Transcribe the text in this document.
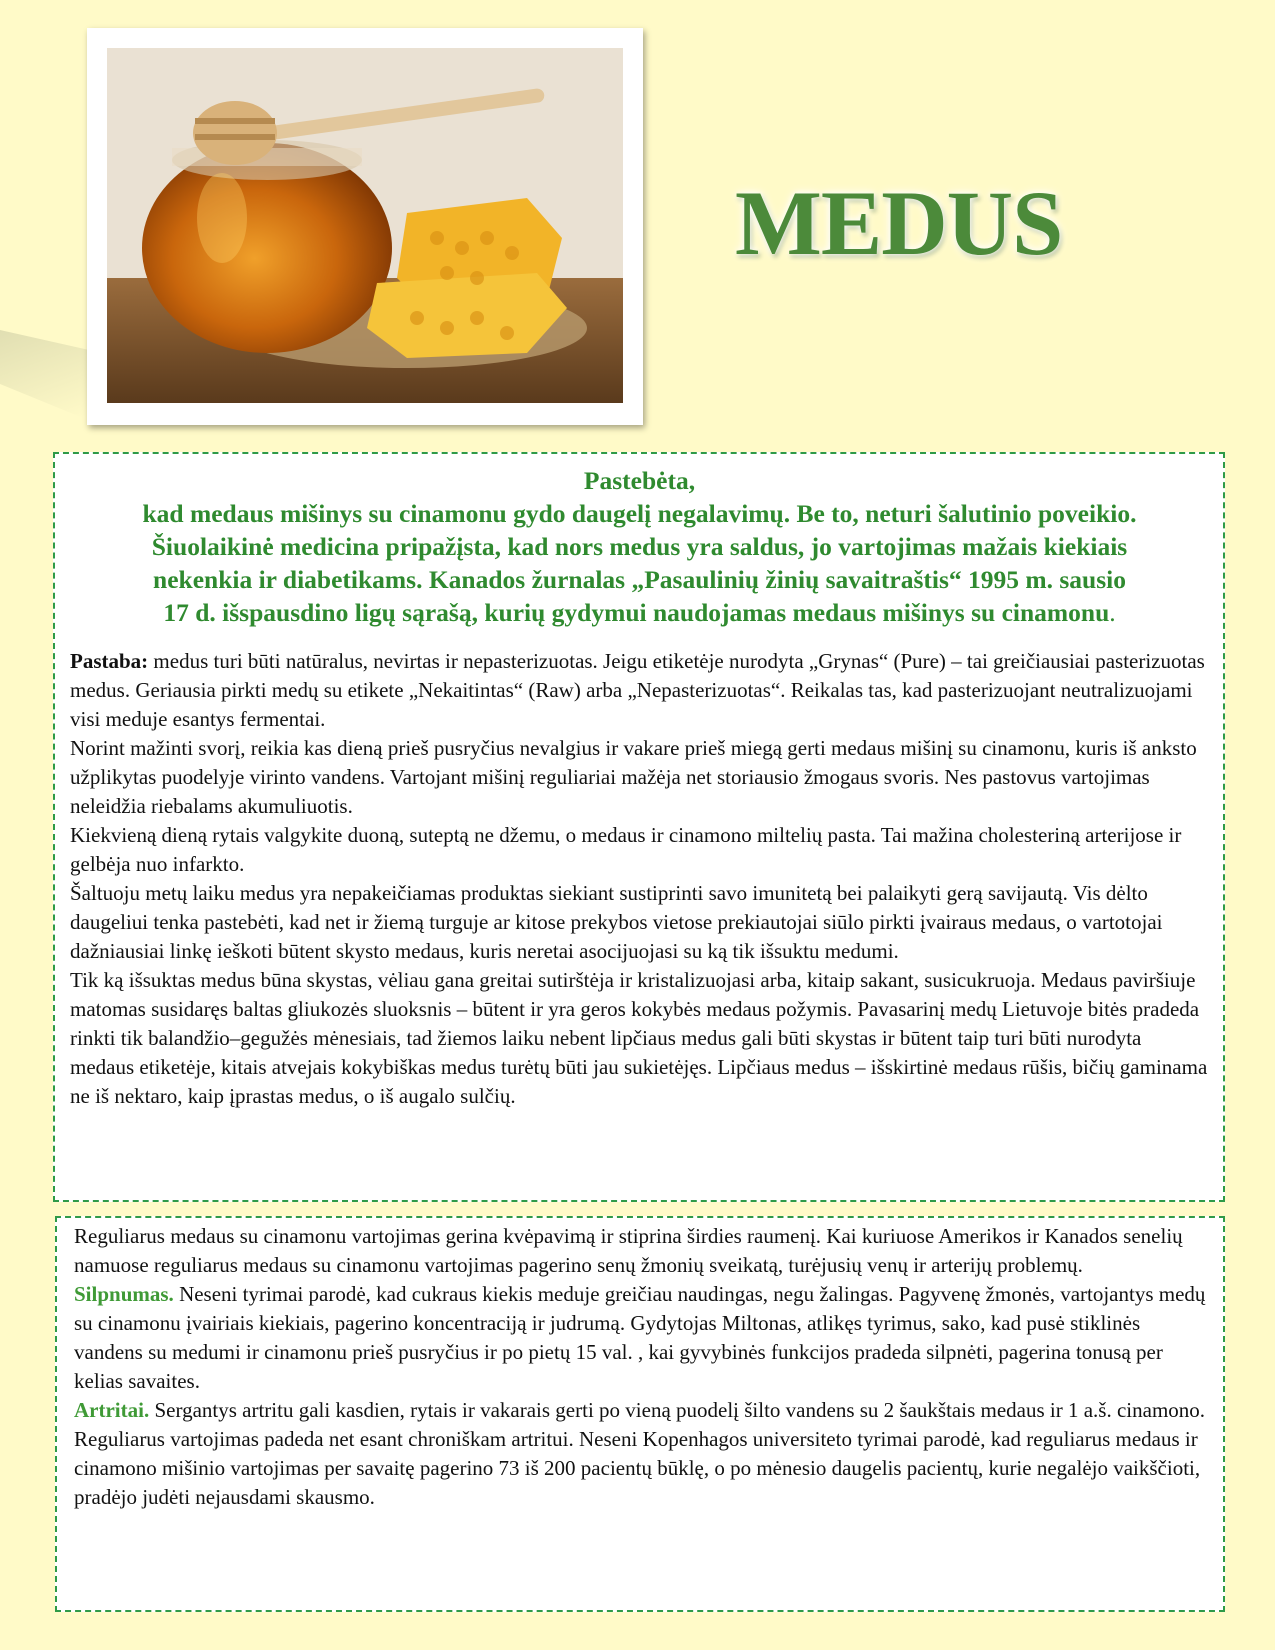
MEDUS
Pastebėta,
kad medaus mišinys su cinamonu gydo daugelį negalavimų. Be to, neturi šalutinio poveikio.
Šiuolaikinė medicina pripažįsta, kad nors medus yra saldus, jo vartojimas mažais kiekiais
nekenkia ir diabetikams. Kanados žurnalas „Pasaulinių žinių savaitraštis“ 1995 m. sausio
17 d. išspausdino ligų sąrašą, kurių gydymui naudojamas medaus mišinys su cinamonu.

Pastaba: medus turi būti natūralus, nevirtas ir nepasterizuotas. Jeigu etiketėje nurodyta „Grynas“ (Pure) – tai greičiausiai pasterizuotas medus. Geriausia pirkti medų su etikete „Nekaitintas“ (Raw) arba „Nepasterizuotas“. Reikalas tas, kad pasterizuojant neutralizuojami visi meduje esantys fermentai.

Norint mažinti svorį, reikia kas dieną prieš pusryčius nevalgius ir vakare prieš miegą gerti medaus mišinį su cinamonu, kuris iš anksto užplikytas puodelyje virinto vandens. Vartojant mišinį reguliariai mažėja net storiausio žmogaus svoris. Nes pastovus vartojimas neleidžia riebalams akumuliuotis.

Kiekvieną dieną rytais valgykite duoną, suteptą ne džemu, o medaus ir cinamono miltelių pasta. Tai mažina cholesteriną arterijose ir gelbėja nuo infarkto.

Šaltuoju metų laiku medus yra nepakeičiamas produktas siekiant sustiprinti savo imunitetą bei palaikyti gerą savijautą. Vis dėlto daugeliui tenka pastebėti, kad net ir žiemą turguje ar kitose prekybos vietose prekiautojai siūlo pirkti įvairaus medaus, o vartotojai dažniausiai linkę ieškoti būtent skysto medaus, kuris neretai asocijuojasi su ką tik išsuktu medumi.

Tik ką išsuktas medus būna skystas, vėliau gana greitai sutirštėja ir kristalizuojasi arba, kitaip sakant, susicukruoja. Medaus paviršiuje matomas susidaręs baltas gliukozės sluoksnis – būtent ir yra geros kokybės medaus požymis. Pavasarinį medų Lietuvoje bitės pradeda rinkti tik balandžio–gegužės mėnesiais, tad žiemos laiku nebent lipčiaus medus gali būti skystas ir būtent taip turi būti nurodyta medaus etiketėje, kitais atvejais kokybiškas medus turėtų būti jau sukietėjęs. Lipčiaus medus – išskirtinė medaus rūšis, bičių gaminama ne iš nektaro, kaip įprastas medus, o iš augalo sulčių.

Reguliarus medaus su cinamonu vartojimas gerina kvėpavimą ir stiprina širdies raumenį. Kai kuriuose Amerikos ir Kanados senelių namuose reguliarus medaus su cinamonu vartojimas pagerino senų žmonių sveikatą, turėjusių venų ir arterijų problemų.

Silpnumas. Neseni tyrimai parodė, kad cukraus kiekis meduje greičiau naudingas, negu žalingas. Pagyvenę žmonės, vartojantys medų su cinamonu įvairiais kiekiais, pagerino koncentraciją ir judrumą. Gydytojas Miltonas, atlikęs tyrimus, sako, kad pusė stiklinės vandens su medumi ir cinamonu prieš pusryčius ir po pietų 15 val. , kai gyvybinės funkcijos pradeda silpnėti, pagerina tonusą per kelias savaites.

Artritai. Sergantys artritu gali kasdien, rytais ir vakarais gerti po vieną puodelį šilto vandens su 2 šaukštais medaus ir 1 a.š. cinamono.

Reguliarus vartojimas padeda net esant chroniškam artritui. Neseni Kopenhagos universiteto tyrimai parodė, kad reguliarus medaus ir cinamono mišinio vartojimas per savaitę pagerino 73 iš 200 pacientų būklę, o po mėnesio daugelis pacientų, kurie negalėjo vaikščioti, pradėjo judėti nejausdami skausmo.
